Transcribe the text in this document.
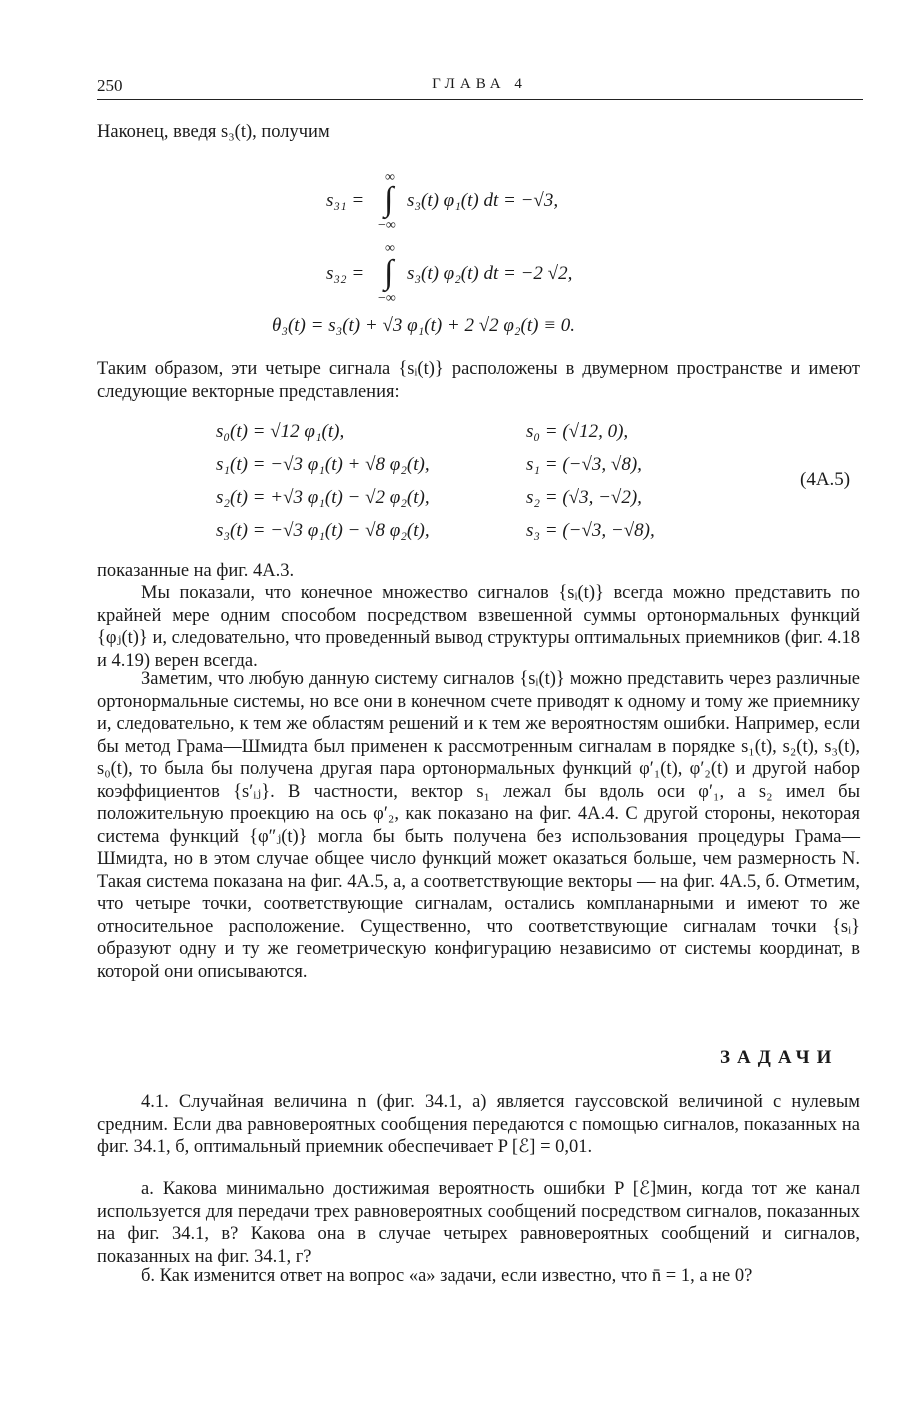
250	ГЛАВА 4

Наконец, введя s₃(t), получим

s₃₁ =
∞
∫
−∞
s₃(t) φ₁(t) dt = −√3,
s₃₂ =
∞
∫
−∞
s₃(t) φ₂(t) dt = −2 √2,
θ₃(t) = s₃(t) + √3 φ₁(t) + 2 √2 φ₂(t) ≡ 0.

Таким образом, эти четыре сигнала {sᵢ(t)} расположены в двумерном пространстве и имеют следующие векторные представления:

s₀(t) = √12 φ₁(t),	s₀ = (√12, 0),
s₁(t) = −√3 φ₁(t) + √8 φ₂(t),	s₁ = (−√3, √8),
s₂(t) = +√3 φ₁(t) − √2 φ₂(t),	s₂ = (√3, −√2),
s₃(t) = −√3 φ₁(t) − √8 φ₂(t),	s₃ = (−√3, −√8),
(4A.5)

показанные на фиг. 4А.3.

Мы показали, что конечное множество сигналов {sᵢ(t)} всегда можно представить по крайней мере одним способом посредством взвешенной суммы ортонормальных функций {φⱼ(t)} и, следовательно, что проведенный вывод структуры оптимальных приемников (фиг. 4.18 и 4.19) верен всегда.

Заметим, что любую данную систему сигналов {sᵢ(t)} можно представить через различные ортонормальные системы, но все они в конечном счете приводят к одному и тому же приемнику и, следовательно, к тем же областям решений и к тем же вероятностям ошибки. Например, если бы метод Грама—Шмидта был применен к рассмотренным сигналам в порядке s₁(t), s₂(t), s₃(t), s₀(t), то была бы получена другая пара ортонормальных функций φ′₁(t), φ′₂(t) и другой набор коэффициентов {s′ᵢⱼ}. В частности, вектор s₁ лежал бы вдоль оси φ′₁, а s₂ имел бы положительную проекцию на ось φ′₂, как показано на фиг. 4А.4. С другой стороны, некоторая система функций {φ″ⱼ(t)} могла бы быть получена без использования процедуры Грама—Шмидта, но в этом случае общее число функций может оказаться больше, чем размерность N. Такая система показана на фиг. 4А.5, а, а соответствующие векторы — на фиг. 4А.5, б. Отметим, что четыре точки, соответствующие сигналам, остались компланарными и имеют то же относительное расположение. Существенно, что соответствующие сигналам точки {sᵢ} образуют одну и ту же геометрическую конфигурацию независимо от системы координат, в которой они описываются.

ЗАДАЧИ

4.1. Случайная величина n (фиг. 34.1, а) является гауссовской величиной с нулевым средним. Если два равновероятных сообщения передаются с помощью сигналов, показанных на фиг. 34.1, б, оптимальный приемник обеспечивает P [ℰ] = 0,01.

а. Какова минимально достижимая вероятность ошибки P [ℰ]мин, когда тот же канал используется для передачи трех равновероятных сообщений посредством сигналов, показанных на фиг. 34.1, в? Какова она в случае четырех равновероятных сообщений и сигналов, показанных на фиг. 34.1, г?

б. Как изменится ответ на вопрос «а» задачи, если известно, что n̄ = 1, а не 0?
